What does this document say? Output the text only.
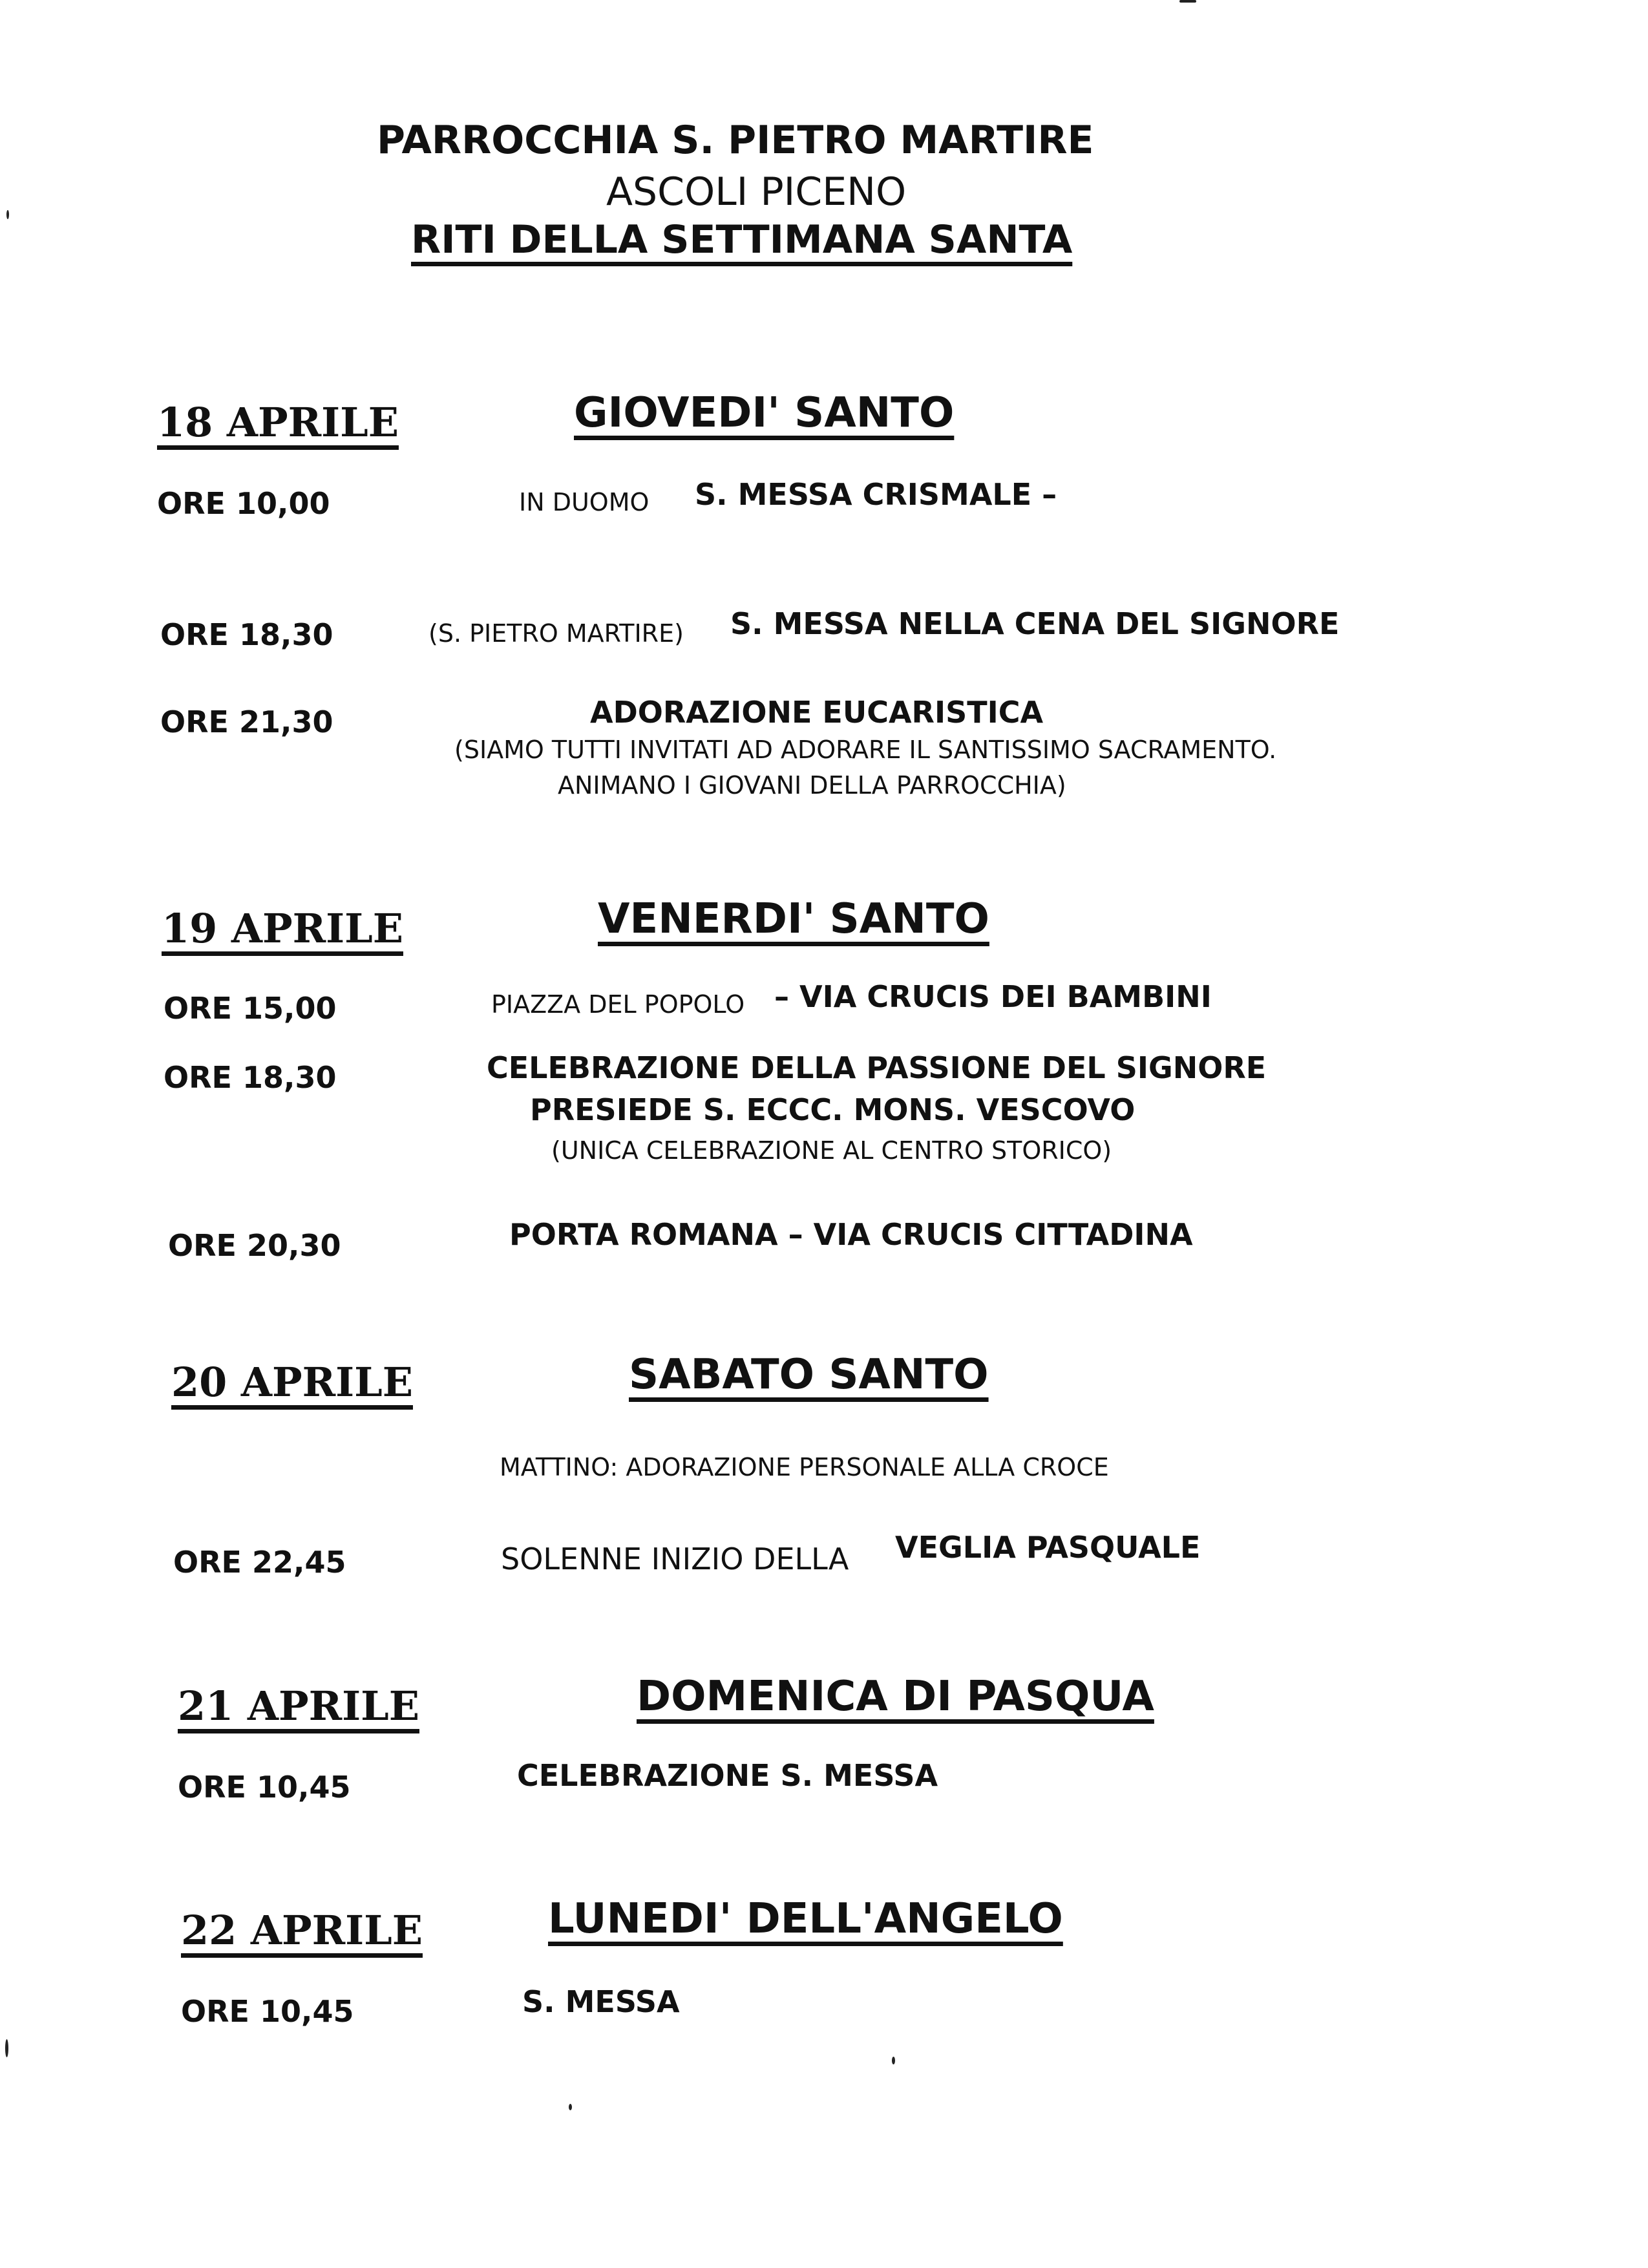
PARROCCHIA S. PIETRO MARTIRE
ASCOLI PICENO
RITI DELLA SETTIMANA SANTA
18 APRILE	GIOVEDI' SANTO
ORE 10,00	IN DUOMO S. MESSA CRISMALE –
ORE 18,30	(S. PIETRO MARTIRE) S. MESSA NELLA CENA DEL SIGNORE
ORE 21,30	ADORAZIONE EUCARISTICA
(SIAMO TUTTI INVITATI AD ADORARE IL SANTISSIMO SACRAMENTO.
ANIMANO I GIOVANI DELLA PARROCCHIA)
19 APRILE	VENERDI' SANTO
ORE 15,00	PIAZZA DEL POPOLO – VIA CRUCIS DEI BAMBINI
ORE 18,30	CELEBRAZIONE DELLA PASSIONE DEL SIGNORE
PRESIEDE S. ECCC. MONS. VESCOVO
(UNICA CELEBRAZIONE AL CENTRO STORICO)
ORE 20,30	PORTA ROMANA – VIA CRUCIS CITTADINA
20 APRILE	SABATO SANTO
MATTINO: ADORAZIONE PERSONALE ALLA CROCE
ORE 22,45	SOLENNE INIZIO DELLA VEGLIA PASQUALE
21 APRILE	DOMENICA DI PASQUA
ORE 10,45	CELEBRAZIONE S. MESSA
22 APRILE	LUNEDI' DELL'ANGELO
ORE 10,45	S. MESSA
